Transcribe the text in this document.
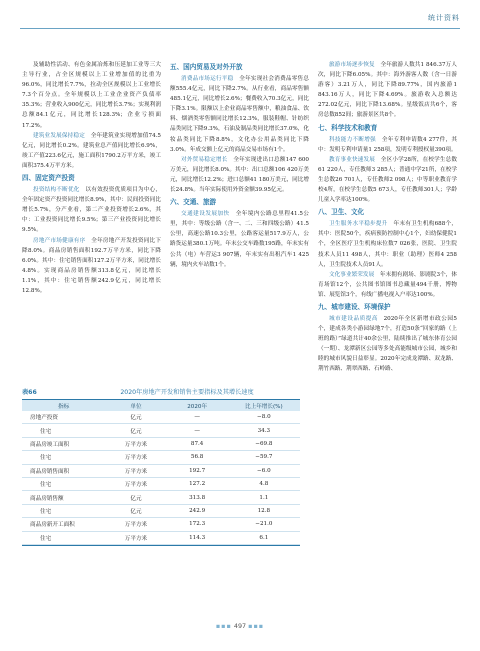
统计资料

及辅助性活动、有色金属冶炼和压延加工业等三大主导行业，占全区规模以上工业增加值的比重为96.0%，同比增长7.7%，拉动全区规模以上工业增长7.3个百分点。全年规模以上工业企业资产负债率35.3%；营业收入900亿元，同比增长3.7%；实现利润总额84.1亿元，同比增长128.3%；企业亏损面17.2%。

建筑业发展保持稳定  全年建筑业实现增加值74.5亿元，同比增长0.2%。建筑业总产值同比增长6.9%，竣工产值223.6亿元，施工面积1790.2万平方米，竣工面积375.4万平方米。

四、固定资产投资

投资结构不断优化  以有效投资优质项目为中心，全年固定资产投资同比增长8.9%，其中：民间投资同比增长5.7%，分产业看，第二产业投资增长2.6%，其中：工业投资同比增长9.5%；第三产业投资同比增长9.5%。

房地产市场健康有序  全年房地产开发投资同比下降8.0%。商品房销售面积192.7万平方米，同比下降6.0%。其中：住宅销售面积127.2万平方米，同比增长4.8%。实现商品房销售额313.8亿元，同比增长1.1%，其中：住宅销售额242.9亿元，同比增长12.8%。

五、国内贸易及对外开放

消费品市场运行平稳  全年实现社会消费品零售总额555.4亿元，同比下降2.7%。从行业看，商品零售额485.1亿元，同比增长2.6%；餐费收入70.3亿元，同比下降3.1%。限额以上企业商品零售额中，粮油食品、饮料、烟酒类零售额同比增长12.3%，服装鞋帽、针纺织品类同比下降9.3%，石油及制品类同比增长37.0%，化妆品类同比下降8.8%，文化办公用品类同比下降3.0%。年成交额上亿元的商品交易市场有1个。

对外贸易稳定增长  全年实现进出口总额147 600万美元，同比增长8.0%。其中：出口总额106 420万美元，同比增长12.2%；进口总额41 180万美元，同比增长24.8%。当年实际使用外资金额39.95亿元。

六、交通、旅游

交通建设发展加快  全年境内公路总里程41.5公里，其中：等级公路（含一、二、三和四级公路）41.5公里，高速公路10.3公里，公路客运量517.9万人，公路货运量380.1万吨。年末公交车路数195路，年末实有公共（电）车营运3 907辆，年末实有出租汽车1 425辆，境内火车站数1个。

旅游市场逐步恢复  全年旅游人数共1 846.37万人次，同比下降6.05%。其中：海外游客人数（含一日游游客）3.21万人，同比下降89.77%，国内旅游1 843.16万人，同比下降4.69%。旅游收入总额达272.02亿元，同比下降13.68%。星级饭店共6个，客房总数852间；旅游景区共8个。

七、科学技术和教育

科技能力不断增强  全年专利申请数4 277件，其中：发明专利申请量1 258项，发明专利授权量390项。

教育事业快速发展  全区小学28所，在校学生总数61 220人，专任教师3 285人；普通中学21所，在校学生总数26 701人，专任教师2 098人；中等职业教育学校4所，在校学生总数5 673人，专任教师301人；学龄儿童入学率达100%。

八、卫生、文化

卫生服务水平稳步提升  年末有卫生机构688个，其中：医院50个，疾病预防控制中心1个，妇幼保健院1个，全区医疗卫生机构床位数7 026张，医院、卫生院技术人员11 498人，其中：职业（助理）医师4 258人，卫生院技术人员91人。

文化事业繁荣发展  年末拥有剧场、影剧院3个，体育场馆12个，公共图书馆图书总藏量494千册，博物馆、展览馆3个，有线广播电视入户率达100%。

九、城市建设、环境保护

城市建设品质提高  2020年全区新增市政公园5个，建成各类小游园绿地7个，打造50条“回家的路（上班的路）”绿道共计40余公里，陆续推出了城东体育公园（一期）、龙潭新区公园等多处高能级城市公园，城乡和睦的城市风貌日益彰显。2020年完成龙潭路、双龙路、荆竹西路、荆翠西路、石岭路、

表66	2020年房地产开发和销售主要指标及其增长速度
指标	单位	2020年	比上年增长(%)
房地产投资	亿元	—	−8.0
住宅	亿元	—	34.3
商品房竣工面积	万平方米	87.4	−69.8
住宅	万平方米	56.8	−59.7
商品房销售面积	万平方米	192.7	−6.0
住宅	万平方米	127.2	4.8
商品房销售额	亿元	313.8	1.1
住宅	亿元	242.9	12.8
商品房新开工面积	万平方米	172.3	−21.0
住宅	万平方米	114.3	6.1
▪▪▪ 497 ▪▪▪
